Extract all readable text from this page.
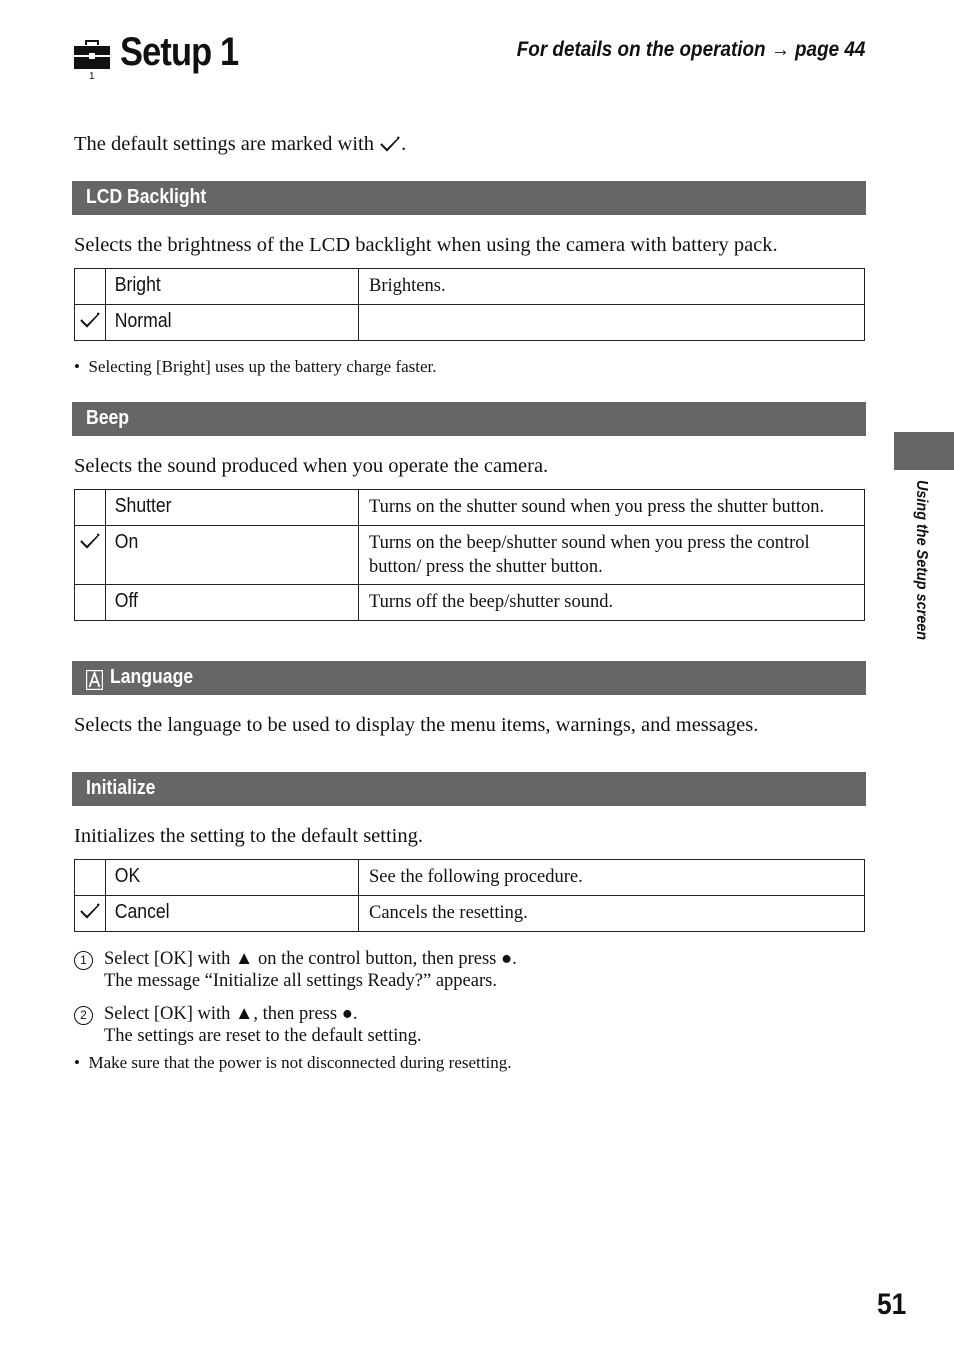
1
Setup 1	For details on the operation → page 44
The default settings are marked with .
LCD Backlight
Selects the brightness of the LCD backlight when using the camera with battery pack.
	Bright	Brightens.

	Normal	
•  Selecting [Bright] uses up the battery charge faster.
Beep
Selects the sound produced when you operate the camera.
	Shutter	Turns on the shutter sound when you press the shutter button.

	On	Turns on the beep/shutter sound when you press the control button/ press the shutter button.
	Off	Turns off the beep/shutter sound.
Language
Selects the language to be used to display the menu items, warnings, and messages.
Initialize
Initializes the setting to the default setting.
	OK	See the following procedure.

	Cancel	Cancels the resetting.
1 Select [OK] with ▲ on the control button, then press ●.
The message “Initialize all settings Ready?” appears.
2 Select [OK] with ▲, then press ●.
The settings are reset to the default setting.
•  Make sure that the power is not disconnected during resetting.
Using the Setup screen
51
